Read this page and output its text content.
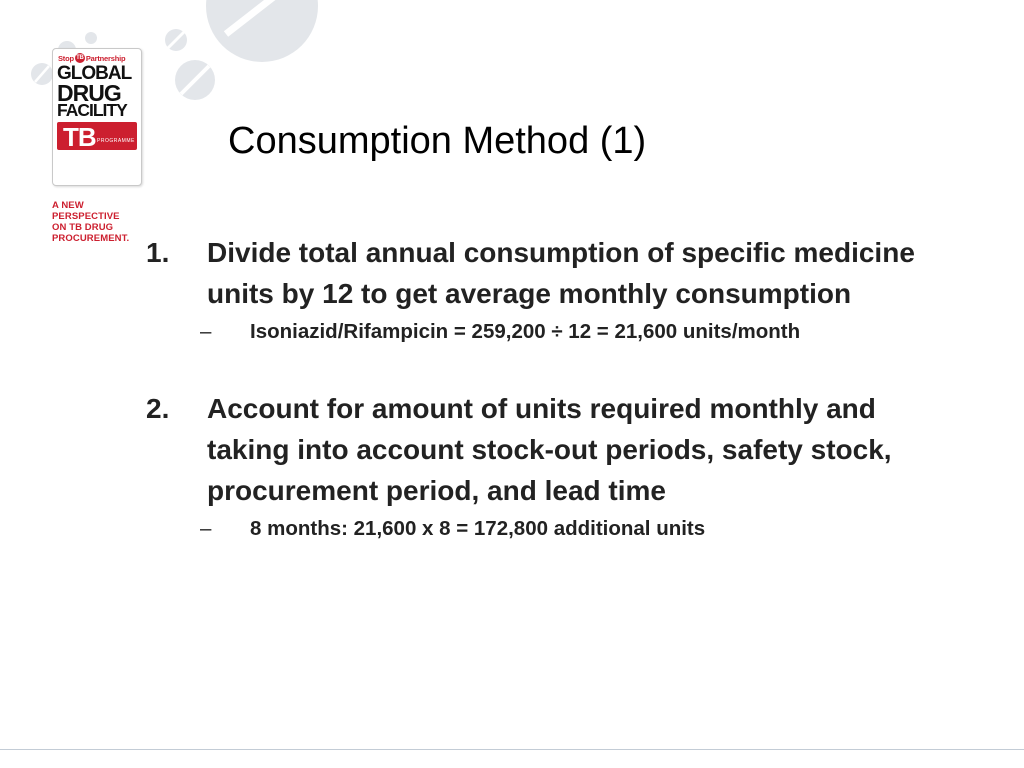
Stop TB Partnership
GLOBAL
DRUG
FACILITY
TB PROGRAMME
A NEW
PERSPECTIVE
ON TB DRUG
PROCUREMENT.
Consumption Method (1)
1. Divide total annual consumption of specific medicine units by 12 to get average monthly consumption
– Isoniazid/Rifampicin = 259,200 ÷ 12 = 21,600 units/month
2. Account for amount of units required monthly and taking into account stock-out periods, safety stock, procurement period, and lead time
– 8 months: 21,600 x 8 = 172,800 additional units
